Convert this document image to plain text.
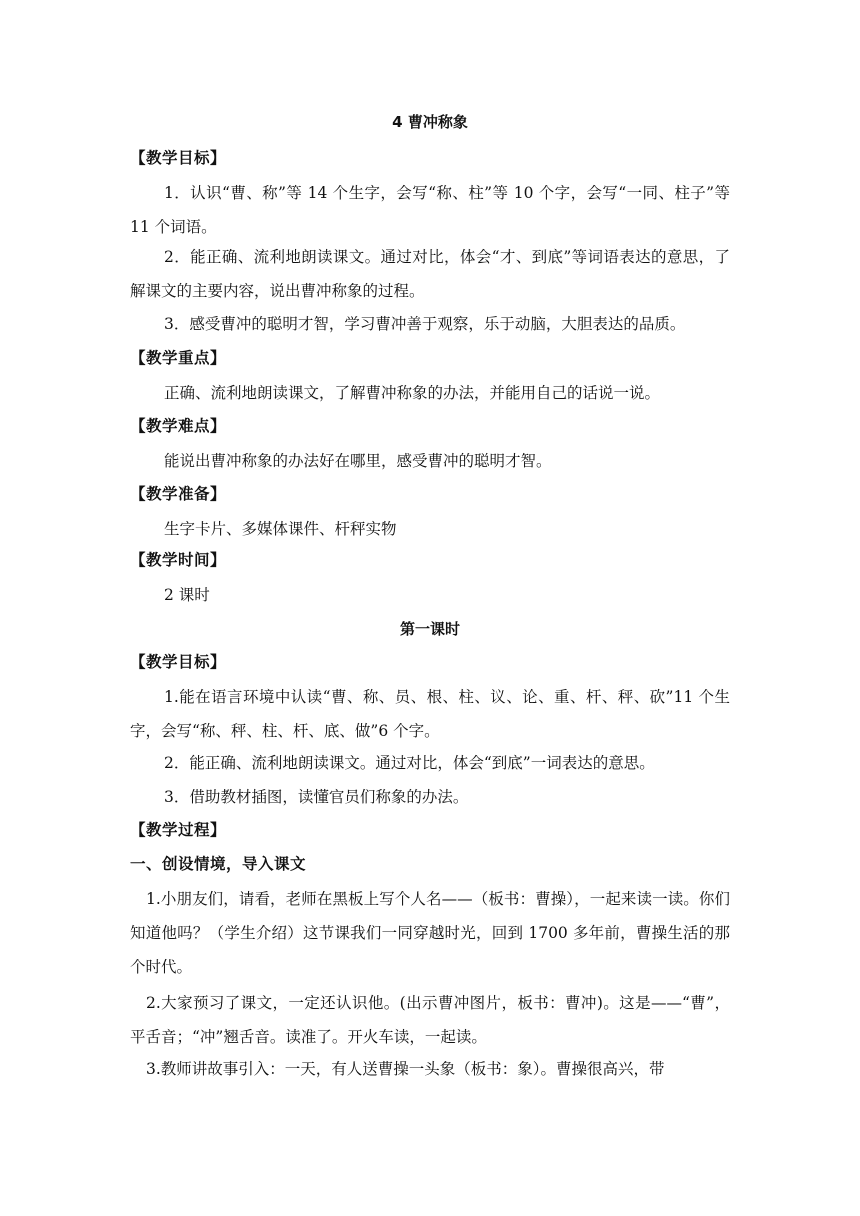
4 曹冲称象
【教学目标】
1．认识“曹、称”等 14 个生字，会写“称、柱”等 10 个字，会写“一同、柱子”等 11 个词语。
2．能正确、流利地朗读课文。通过对比，体会“才、到底”等词语表达的意思，了解课文的主要内容，说出曹冲称象的过程。
3．感受曹冲的聪明才智，学习曹冲善于观察，乐于动脑，大胆表达的品质。
【教学重点】
正确、流利地朗读课文，了解曹冲称象的办法，并能用自己的话说一说。
【教学难点】
能说出曹冲称象的办法好在哪里，感受曹冲的聪明才智。
【教学准备】
生字卡片、多媒体课件、杆秤实物
【教学时间】
2 课时
第一课时
【教学目标】
1.能在语言环境中认读“曹、称、员、根、柱、议、论、重、杆、秤、砍”11 个生字，会写“称、秤、柱、杆、底、做”6 个字。
2．能正确、流利地朗读课文。通过对比，体会“到底”一词表达的意思。
3．借助教材插图，读懂官员们称象的办法。
【教学过程】
一、创设情境，导入课文
1.小朋友们，请看，老师在黑板上写个人名——（板书：曹操），一起来读一读。你们知道他吗？（学生介绍）这节课我们一同穿越时光，回到 1700 多年前，曹操生活的那个时代。
2.大家预习了课文，一定还认识他。(出示曹冲图片，板书：曹冲)。这是——“曹”，平舌音；“冲”翘舌音。读准了。开火车读，一起读。
3.教师讲故事引入：一天，有人送曹操一头象（板书：象）。曹操很高兴，带
